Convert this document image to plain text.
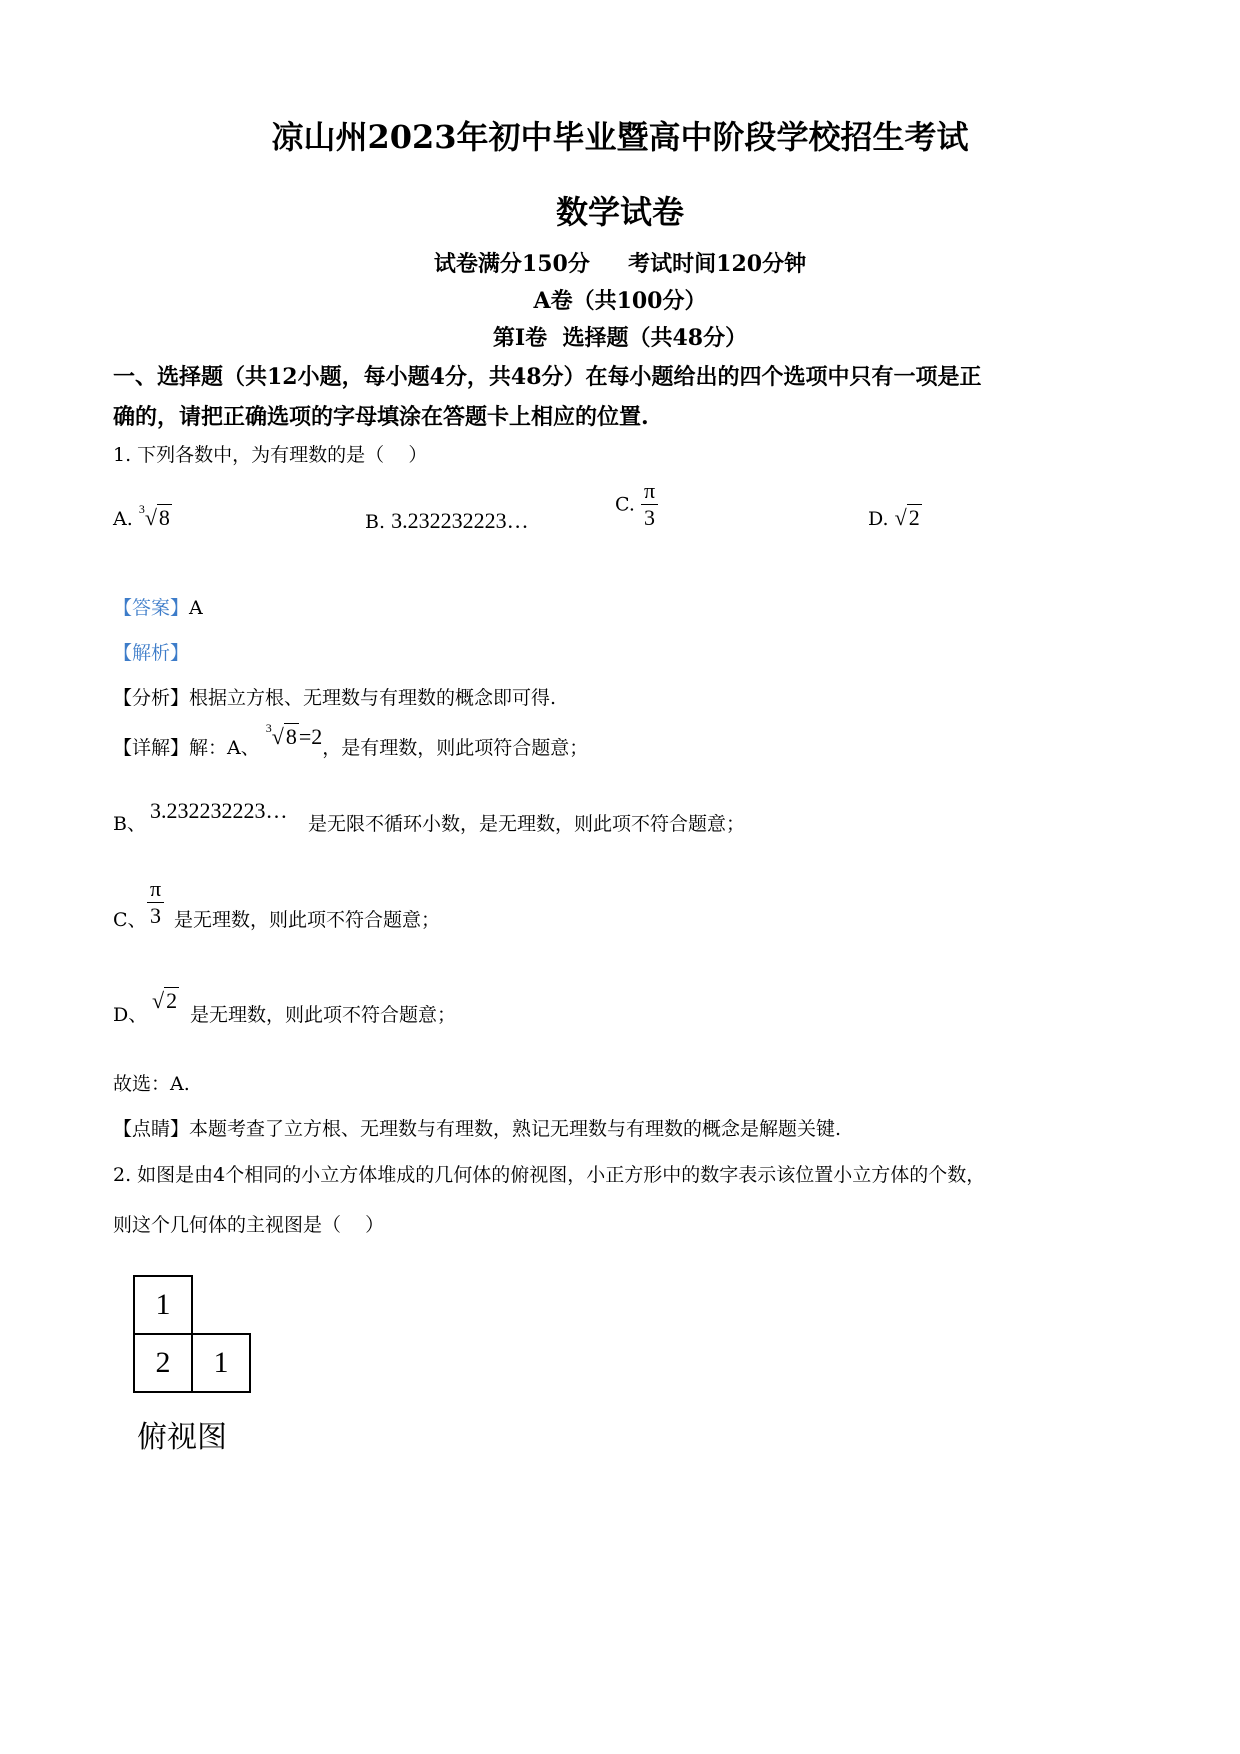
凉山州2023年初中毕业暨高中阶段学校招生考试
数学试卷
试卷满分150分     考试时间120分钟
A卷（共100分）
第Ⅰ卷  选择题（共48分）
一、选择题（共12小题，每小题4分，共48分）在每小题给出的四个选项中只有一项是正
确的，请把正确选项的字母填涂在答题卡上相应的位置.
1. 下列各数中，为有理数的是（    ）
A. $^3$√8	B. 3.232232223…
C. $\frac{\pi}{3}$	D. √2
【答案】A
【解析】
【分析】根据立方根、无理数与有理数的概念即可得.
【详解】解：A、 $^3$√8=2，是有理数，则此项符合题意；
B、
3.232232223…
是无限不循环小数，是无理数，则此项不符合题意；
C、 $\frac{\pi}{3}$ 是无理数，则此项不符合题意；
D、
√2
是无理数，则此项不符合题意；
故选：A.
【点睛】本题考查了立方根、无理数与有理数，熟记无理数与有理数的概念是解题关键.
2. 如图是由4个相同的小立方体堆成的几何体的俯视图，小正方形中的数字表示该位置小立方体的个数，
则这个几何体的主视图是（    ）
1
2	1
俯视图
